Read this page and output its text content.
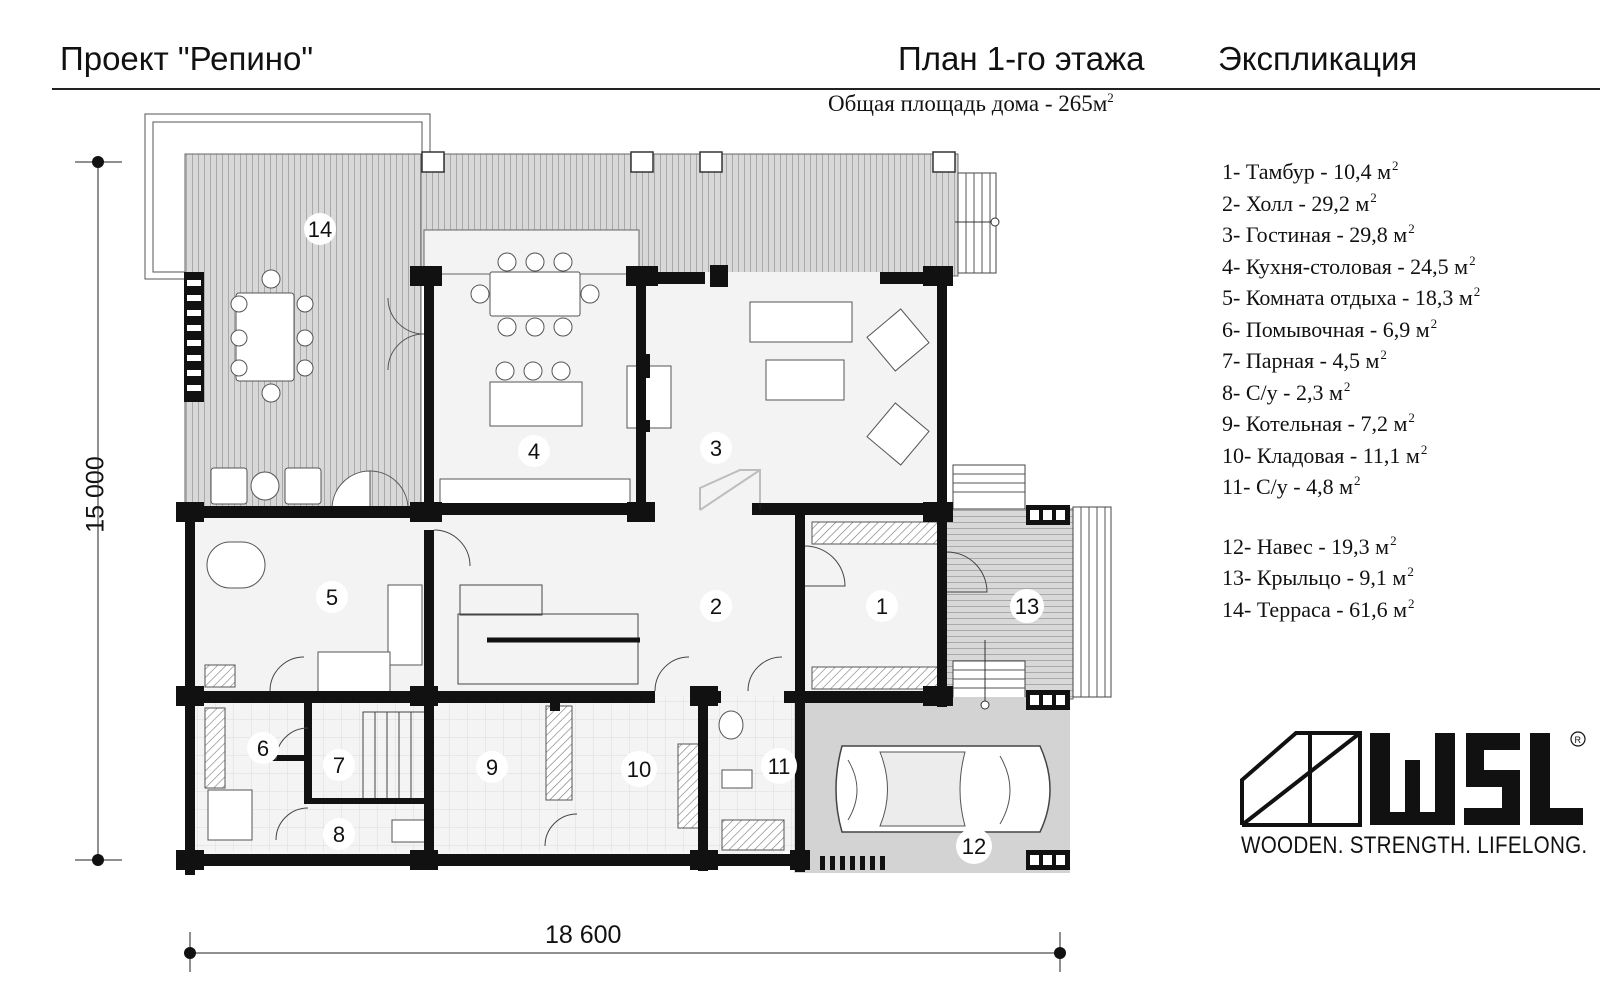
Проект "Репино"	План 1-го этажа Экспликация
Общая площадь дома - $265м^2$
15 000
18 600
1- Тамбур - 10,4 $м^2$
2- Холл - 29,2 $м^2$
3- Гостиная - 29,8 $м^2$
4- Кухня-столовая - 24,5 $м^2$
5- Комната отдыха - 18,3 $м^2$
6- Помывочная - 6,9 $м^2$
7- Парная - 4,5 $м^2$
8- С/у - 2,3 $м^2$
9- Котельная - 7,2 $м^2$
10- Кладовая - 11,1 $м^2$
11- С/у - 4,8 $м^2$
12- Навес - 19,3 $м^2$
13- Крыльцо - 9,1 $м^2$
14- Терраса - 61,6 $м^2$
WOODEN. STRENGTH. LIFELONG.
R
14
4	3
5	2	1	13
6
7
8
9	10	11
12
